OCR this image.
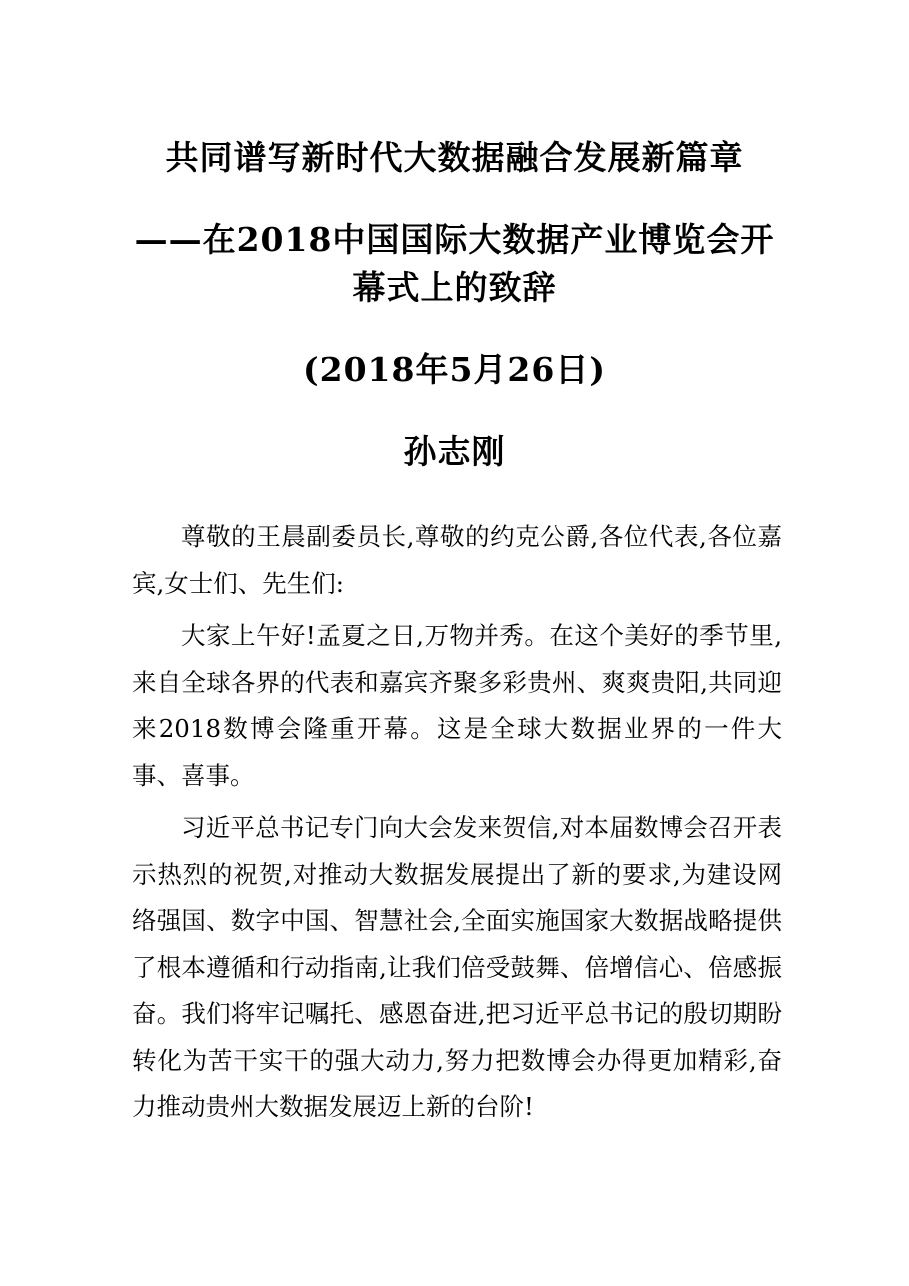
共同谱写新时代大数据融合发展新篇章
——在2018中国国际大数据产业博览会开
幕式上的致辞
(2018年5月26日)
孙志刚

尊敬的王晨副委员长,尊敬的约克公爵,各位代表,各位嘉宾,女士们、先生们:

大家上午好!孟夏之日,万物并秀。在这个美好的季节里,来自全球各界的代表和嘉宾齐聚多彩贵州、爽爽贵阳,共同迎来2018数博会隆重开幕。这是全球大数据业界的一件大事、喜事。

习近平总书记专门向大会发来贺信,对本届数博会召开表示热烈的祝贺,对推动大数据发展提出了新的要求,为建设网络强国、数字中国、智慧社会,全面实施国家大数据战略提供了根本遵循和行动指南,让我们倍受鼓舞、倍增信心、倍感振奋。我们将牢记嘱托、感恩奋进,把习近平总书记的殷切期盼转化为苦干实干的强大动力,努力把数博会办得更加精彩,奋力推动贵州大数据发展迈上新的台阶!
